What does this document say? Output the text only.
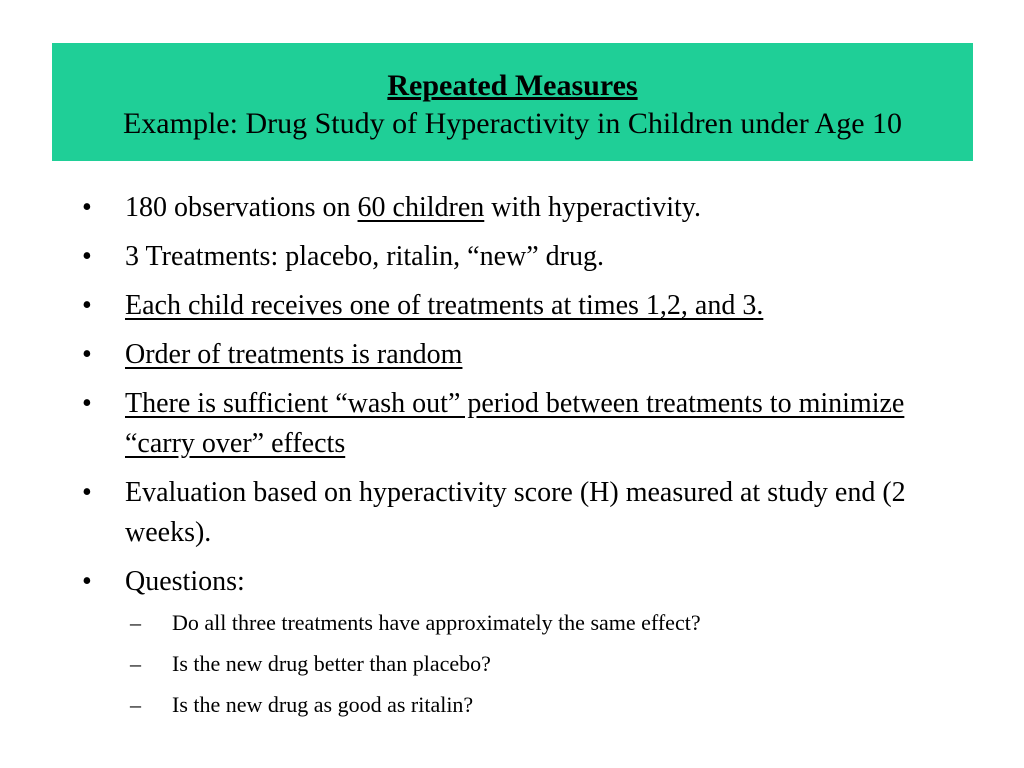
Repeated Measures
Example: Drug Study of Hyperactivity in Children under Age 10
•	180 observations on 60 children with hyperactivity.
•	3 Treatments: placebo, ritalin, “new” drug.
•	Each child receives one of treatments at times 1,2, and 3.
•	Order of treatments is random
•	There is sufficient “wash out” period between treatments to minimize “carry over” effects
•	Evaluation based on hyperactivity score (H) measured at study end (2 weeks).
•	Questions:
– Do all three treatments have approximately the same effect?
– Is the new drug better than placebo?
– Is the new drug as good as ritalin?
